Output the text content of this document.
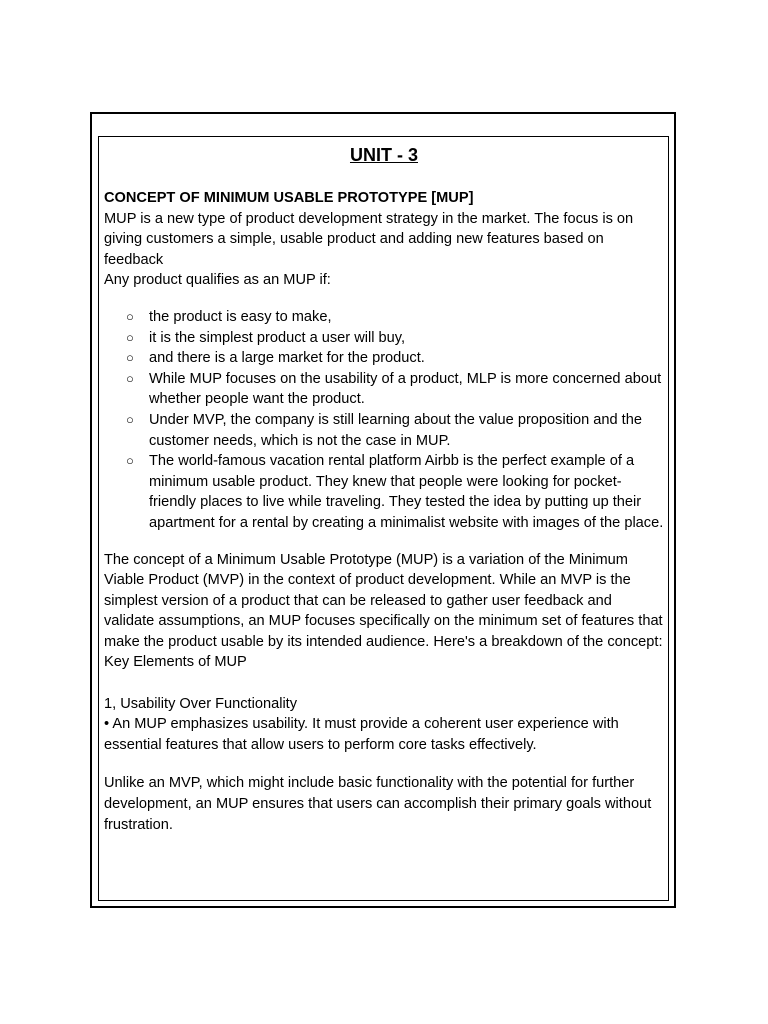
UNIT - 3

CONCEPT OF MINIMUM USABLE PROTOTYPE [MUP]

MUP is a new type of product development strategy in the market. The focus is on giving customers a simple, usable product and adding new features based on feedback

Any product qualifies as an MUP if:

○ the product is easy to make,
○ it is the simplest product a user will buy,
○ and there is a large market for the product.
○ While MUP focuses on the usability of a product, MLP is more concerned about whether people want the product.
○ Under MVP, the company is still learning about the value proposition and the customer needs, which is not the case in MUP.
○ The world-famous vacation rental platform Airbb is the perfect example of a minimum usable product. They knew that people were looking for pocket-friendly places to live while traveling. They tested the idea by putting up their apartment for a rental by creating a minimalist website with images of the place.

The concept of a Minimum Usable Prototype (MUP) is a variation of the Minimum Viable Product (MVP) in the context of product development. While an MVP is the simplest version of a product that can be released to gather user feedback and validate assumptions, an MUP focuses specifically on the minimum set of features that make the product usable by its intended audience. Here's a breakdown of the concept:

Key Elements of MUP

1, Usability Over Functionality

• An MUP emphasizes usability. It must provide a coherent user experience with essential features that allow users to perform core tasks effectively.

Unlike an MVP, which might include basic functionality with the potential for further development, an MUP ensures that users can accomplish their primary goals without frustration.
